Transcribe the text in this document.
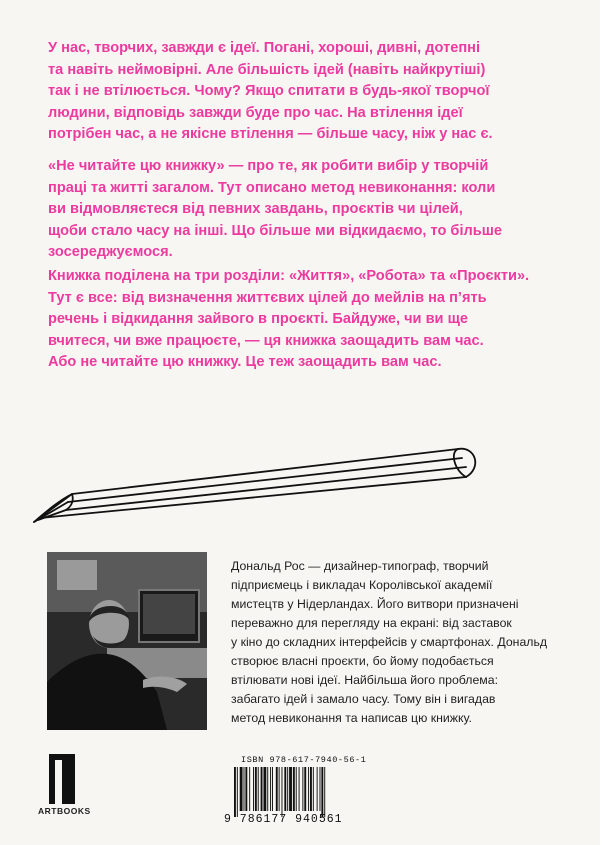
У нас, творчих, завжди є ідеї. Погані, хороші, дивні, дотепні
та навіть неймовірні. Але більшість ідей (навіть найкрутіші)
так і не втілюється. Чому? Якщо спитати в будь-якої творчої
людини, відповідь завжди буде про час. На втілення ідеї
потрібен час, а не якісне втілення — більше часу, ніж у нас є.
«Не читайте цю книжку» — про те, як робити вибір у творчій
праці та житті загалом. Тут описано метод невиконання: коли
ви відмовляєтеся від певних завдань, проєктів чи цілей,
щоби стало часу на інші. Що більше ми відкидаємо, то більше
зосереджуємося.
Книжка поділена на три розділи: «Життя», «Робота» та «Проєкти».
Тут є все: від визначення життєвих цілей до мейлів на п’ять
речень і відкидання зайвого в проєкті. Байдуже, чи ви ще
вчитеся, чи вже працюєте, — ця книжка заощадить вам час.
Або не читайте цю книжку. Це теж заощадить вам час.
Дональд Рос — дизайнер-типограф, творчий
підприємець і викладач Королівської академії
мистецтв у Нідерландах. Його витвори призначені
переважно для перегляду на екрані: від заставок
у кіно до складних інтерфейсів у смартфонах. Дональд
створює власні проєкти, бо йому подобається
втілювати нові ідеї. Найбільша його проблема:
забагато ідей і замало часу. Тому він і вигадав
метод невиконання та написав цю книжку.
ARTBOOKS
ISBN 978-617-7940-56-1
9 786177 940561
